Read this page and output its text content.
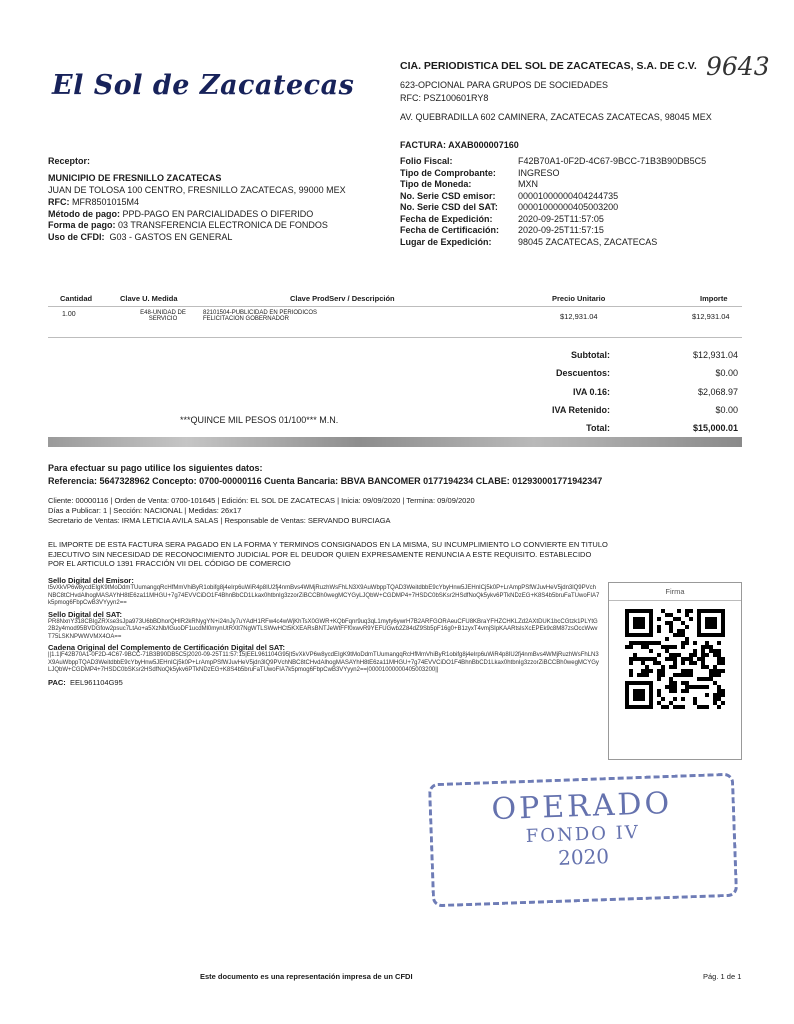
El Sol de Zacatecas
9643
CIA. PERIODISTICA DEL SOL DE ZACATECAS, S.A. DE C.V.
623-OPCIONAL PARA GRUPOS DE SOCIEDADES
RFC: PSZ100601RY8
AV. QUEBRADILLA 602 CAMINERA, ZACATECAS ZACATECAS, 98045 MEX
FACTURA: AXAB000007160
Receptor:
MUNICIPIO DE FRESNILLO ZACATECAS
JUAN DE TOLOSA 100 CENTRO, FRESNILLO ZACATECAS, 99000 MEX
RFC:
MFR8501015M4
Método de pago:
PPD-PAGO EN PARCIALIDADES O DIFERIDO
Forma de pago:
03 TRANSFERENCIA ELECTRONICA DE FONDOS
Uso de CFDI:
G03 - GASTOS EN GENERAL
Folio Fiscal:	F42B70A1-0F2D-4C67-9BCC-71B3B90DB5C5
Tipo de Comprobante:	INGRESO
Tipo de Moneda:	MXN
No. Serie CSD emisor:	00001000000404244735
No. Serie CSD del SAT:	00001000000405003200
Fecha de Expedición:	2020-09-25T11:57:05
Fecha de Certificación:	2020-09-25T11:57:15
Lugar de Expedición:	98045 ZACATECAS, ZACATECAS
Cantidad	Clave U. Medida	Clave ProdServ / Descripción	Precio Unitario	Importe
1.00	E48-UNIDAD DE
SERVICIO
82101504-PUBLICIDAD EN PERIODICOS
FELICITACION GOBERNADOR	$12,931.04	$12,931.04
Subtotal:	$12,931.04
Descuentos:	$0.00
IVA 0.16:	$2,068.97
IVA Retenido:	$0.00
Total:	$15,000.01
***QUINCE MIL PESOS 01/100*** M.N.
Para efectuar su pago utilice los siguientes datos:
Referencia: 5647328962 Concepto: 0700-00000116 Cuenta Bancaria: BBVA BANCOMER 0177194234 CLABE: 012930001771942347
Cliente: 00000116 | Orden de Venta: 0700-101645 | Edición: EL SOL DE ZACATECAS | Inicia: 09/09/2020 | Termina: 09/09/2020
Días a Publicar: 1 | Sección: NACIONAL | Medidas: 26x17
Secretario de Ventas: IRMA LETICIA AVILA SALAS | Responsable de Ventas: SERVANDO BURCIAGA
EL IMPORTE DE ESTA FACTURA SERA PAGADO EN LA FORMA Y TERMINOS CONSIGNADOS EN LA MISMA, SU INCUMPLIMIENTO LO CONVIERTE EN TITULO EJECUTIVO SIN NECESIDAD DE RECONOCIMIENTO JUDICIAL POR EL DEUDOR QUIEN EXPRESAMENTE RENUNCIA A ESTE REQUISITO. ESTABLECIDO POR EL ARTICULO 1391 FRACCIÓN VII DEL CÓDIGO DE COMERCIO
Sello Digital del Emisor:
t5vXkVP6w8ycdEIgK9tMoDdmTUumangqRcHfMmVhiByR1obifg8j4eIrp6uWiR4p8IU2fj4nmBvs4WMjRuzhWsFhLN3X9AuWbppTQAD3WeitdbbE9cYbyHnw5JEHnICj5k0P+LrAmpPSfWJuvHeV5jdn3lQ9PVchNBC8tCHvdAlhogMASAYhH8tE6za11MHGU+7g74EVVCiDO1F4BhnBbCD1Lkax0htbnIg3zzorZiBCCBh0wegMCYGyLJQbW+CGDMP4+7HSDC0bSKsr2HSdfNoQk5ykv6PTkNDzEG+K8S4b5bruFaTUwoFIA7k5pmog6FbpCwB3VYyyn2==
Sello Digital del SAT:
PR8NxnY318CBIgZRXse3sJpa973U6bBDhorQHIR2kRNygYN+i24nJy7uYAdH1RFw4c4wWjKhTsX0GWR+KQbFqnr9uq3qL1myty6ywrH7B2ARFGORAeuCFU8KBraYFHZCHKLZd2AXtDUK1bcCGtzk1PLYtG2B2y4mod95BVDGfow2psuc7LtAo+a5XzNb/lGuoDF1ucdMl0mynUtRXlt7NgWTLSWwHCt5KXEARsBNTJeWtFFf0xwvR9YEFUGwb2Z84dZ9Sb5pF16g0+B1zyxT4vmjSIpKAARtslsXcEPEk9c8M87zsOccWwvT75LSKNPWWVMX4OA==
Cadena Original del Complemento de Certificación Digital del SAT:
||1.1|F42B70A1-0F2D-4C67-9BCC-71B3B90DB5C5|2020-09-25T11:57:15|EEL961104G95|t5vXkVP6w8ycdEIgK9tMoDdmTUumangqRcHfMmVhiByR1obifg8j4eIrp6uWiR4p8IU2fj4nmBvs4WMjRuzhWsFhLN3X9AuWbppTQAD3WeitdbbE9cYbyHnw5JEHnICj5k0P+LrAmpPSfWJuvHeV5jdn3lQ9PVchNBC8tCHvdAlhogMASAYhH8tE6za11MHGU+7g74EVVCiDO1F4BhnBbCD1Lkax0htbnIg3zzorZiBCCBh0wegMCYGyLJQbW+CGDMP4+7HSDC0bSKsr2HSdfNoQk5ykv6PTkNDzEG+K8S4b5bruFaTUwoFIA7k5pmog6FbpCwB3VYyyn2==|00001000000405003200||
PAC: EEL961104G95
Firma
OPERADO
FONDO IV
2020
Este documento es una representación impresa de un CFDI	Pág. 1 de 1
